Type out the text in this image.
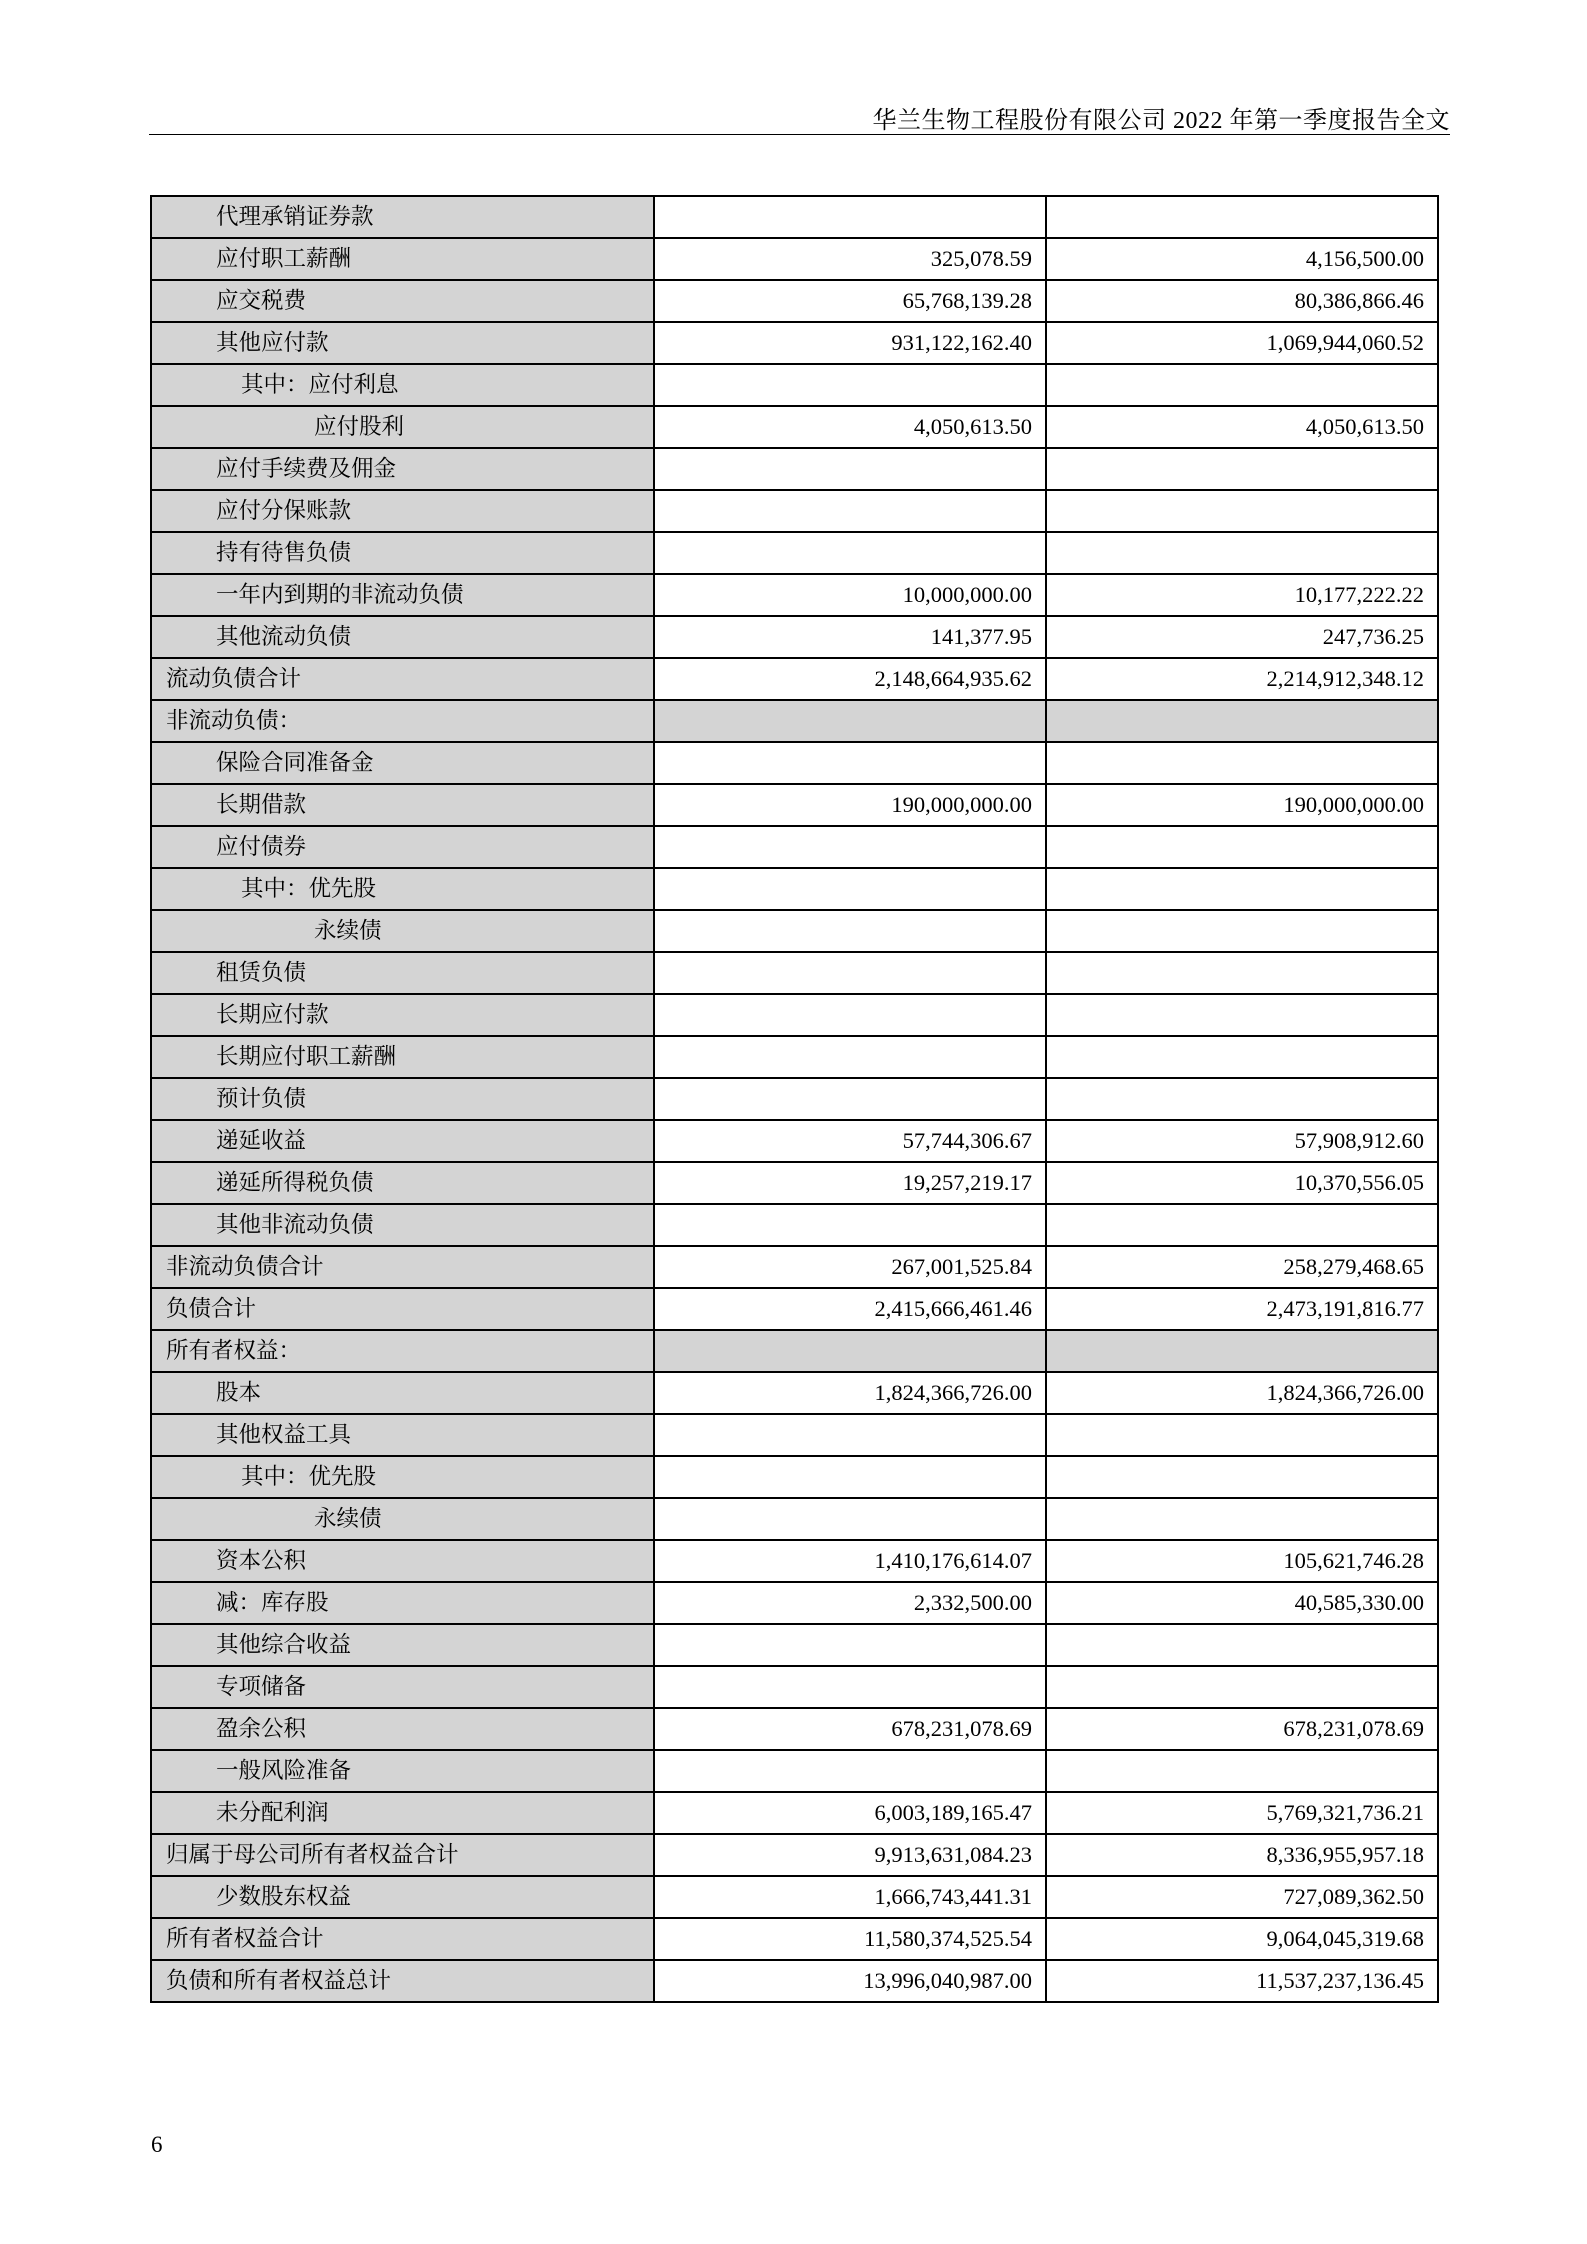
华兰生物工程股份有限公司 2022 年第一季度报告全文
代理承销证券款		
应付职工薪酬	325,078.59	4,156,500.00
应交税费	65,768,139.28	80,386,866.46
其他应付款	931,122,162.40	1,069,944,060.52
其中：应付利息		
应付股利	4,050,613.50	4,050,613.50
应付手续费及佣金		
应付分保账款		
持有待售负债		
一年内到期的非流动负债	10,000,000.00	10,177,222.22
其他流动负债	141,377.95	247,736.25
流动负债合计	2,148,664,935.62	2,214,912,348.12
非流动负债：		
保险合同准备金		
长期借款	190,000,000.00	190,000,000.00
应付债券		
其中：优先股		
永续债		
租赁负债		
长期应付款		
长期应付职工薪酬		
预计负债		
递延收益	57,744,306.67	57,908,912.60
递延所得税负债	19,257,219.17	10,370,556.05
其他非流动负债		
非流动负债合计	267,001,525.84	258,279,468.65
负债合计	2,415,666,461.46	2,473,191,816.77
所有者权益：		
股本	1,824,366,726.00	1,824,366,726.00
其他权益工具		
其中：优先股		
永续债		
资本公积	1,410,176,614.07	105,621,746.28
减：库存股	2,332,500.00	40,585,330.00
其他综合收益		
专项储备		
盈余公积	678,231,078.69	678,231,078.69
一般风险准备		
未分配利润	6,003,189,165.47	5,769,321,736.21
归属于母公司所有者权益合计	9,913,631,084.23	8,336,955,957.18
少数股东权益	1,666,743,441.31	727,089,362.50
所有者权益合计	11,580,374,525.54	9,064,045,319.68
负债和所有者权益总计	13,996,040,987.00	11,537,237,136.45
6
